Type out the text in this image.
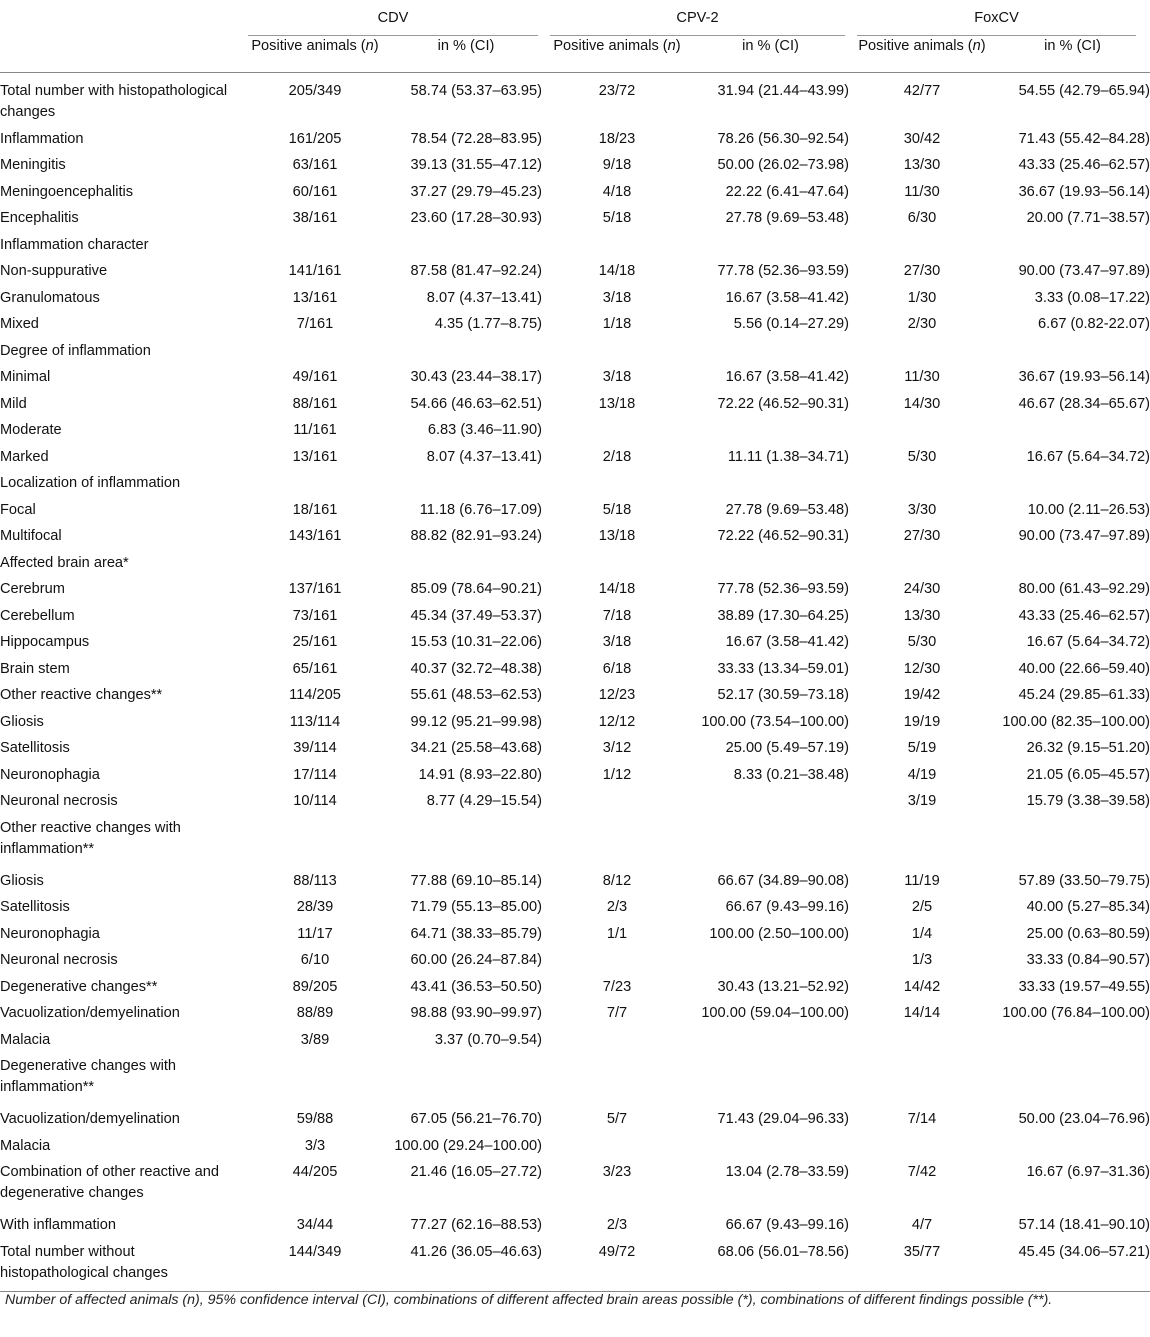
	CDV		CPV-2		FoxCV	

	Positive animals (n)	in % (CI)	Positive animals (n)	in % (CI)	Positive animals (n)	in % (CI)
Total number with histopathological changes	205/349	58.74 (53.37–63.95)	23/72	31.94 (21.44–43.99)	42/77	54.55 (42.79–65.94)
Inflammation	161/205	78.54 (72.28–83.95)	18/23	78.26 (56.30–92.54)	30/42	71.43 (55.42–84.28)
Meningitis	63/161	39.13 (31.55–47.12)	9/18	50.00 (26.02–73.98)	13/30	43.33 (25.46–62.57)
Meningoencephalitis	60/161	37.27 (29.79–45.23)	4/18	22.22 (6.41–47.64)	11/30	36.67 (19.93–56.14)
Encephalitis	38/161	23.60 (17.28–30.93)	5/18	27.78 (9.69–53.48)	6/30	20.00 (7.71–38.57)
Inflammation character						
Non-suppurative	141/161	87.58 (81.47–92.24)	14/18	77.78 (52.36–93.59)	27/30	90.00 (73.47–97.89)
Granulomatous	13/161	8.07 (4.37–13.41)	3/18	16.67 (3.58–41.42)	1/30	3.33 (0.08–17.22)
Mixed	7/161	4.35 (1.77–8.75)	1/18	5.56 (0.14–27.29)	2/30	6.67 (0.82-22.07)
Degree of inflammation						
Minimal	49/161	30.43 (23.44–38.17)	3/18	16.67 (3.58–41.42)	11/30	36.67 (19.93–56.14)
Mild	88/161	54.66 (46.63–62.51)	13/18	72.22 (46.52–90.31)	14/30	46.67 (28.34–65.67)
Moderate	11/161	6.83 (3.46–11.90)				
Marked	13/161	8.07 (4.37–13.41)	2/18	11.11 (1.38–34.71)	5/30	16.67 (5.64–34.72)
Localization of inflammation						
Focal	18/161	11.18 (6.76–17.09)	5/18	27.78 (9.69–53.48)	3/30	10.00 (2.11–26.53)
Multifocal	143/161	88.82 (82.91–93.24)	13/18	72.22 (46.52–90.31)	27/30	90.00 (73.47–97.89)
Affected brain area*						
Cerebrum	137/161	85.09 (78.64–90.21)	14/18	77.78 (52.36–93.59)	24/30	80.00 (61.43–92.29)
Cerebellum	73/161	45.34 (37.49–53.37)	7/18	38.89 (17.30–64.25)	13/30	43.33 (25.46–62.57)
Hippocampus	25/161	15.53 (10.31–22.06)	3/18	16.67 (3.58–41.42)	5/30	16.67 (5.64–34.72)
Brain stem	65/161	40.37 (32.72–48.38)	6/18	33.33 (13.34–59.01)	12/30	40.00 (22.66–59.40)
Other reactive changes**	114/205	55.61 (48.53–62.53)	12/23	52.17 (30.59–73.18)	19/42	45.24 (29.85–61.33)
Gliosis	113/114	99.12 (95.21–99.98)	12/12	100.00 (73.54–100.00)	19/19	100.00 (82.35–100.00)
Satellitosis	39/114	34.21 (25.58–43.68)	3/12	25.00 (5.49–57.19)	5/19	26.32 (9.15–51.20)
Neuronophagia	17/114	14.91 (8.93–22.80)	1/12	8.33 (0.21–38.48)	4/19	21.05 (6.05–45.57)
Neuronal necrosis	10/114	8.77 (4.29–15.54)			3/19	15.79 (3.38–39.58)
Other reactive changes with inflammation**						
Gliosis	88/113	77.88 (69.10–85.14)	8/12	66.67 (34.89–90.08)	11/19	57.89 (33.50–79.75)
Satellitosis	28/39	71.79 (55.13–85.00)	2/3	66.67 (9.43–99.16)	2/5	40.00 (5.27–85.34)
Neuronophagia	11/17	64.71 (38.33–85.79)	1/1	100.00 (2.50–100.00)	1/4	25.00 (0.63–80.59)
Neuronal necrosis	6/10	60.00 (26.24–87.84)			1/3	33.33 (0.84–90.57)
Degenerative changes**	89/205	43.41 (36.53–50.50)	7/23	30.43 (13.21–52.92)	14/42	33.33 (19.57–49.55)
Vacuolization/demyelination	88/89	98.88 (93.90–99.97)	7/7	100.00 (59.04–100.00)	14/14	100.00 (76.84–100.00)
Malacia	3/89	3.37 (0.70–9.54)				
Degenerative changes with inflammation**						
Vacuolization/demyelination	59/88	67.05 (56.21–76.70)	5/7	71.43 (29.04–96.33)	7/14	50.00 (23.04–76.96)
Malacia	3/3	100.00 (29.24–100.00)				
Combination of other reactive and degenerative changes	44/205	21.46 (16.05–27.72)	3/23	13.04 (2.78–33.59)	7/42	16.67 (6.97–31.36)
With inflammation	34/44	77.27 (62.16–88.53)	2/3	66.67 (9.43–99.16)	4/7	57.14 (18.41–90.10)
Total number without histopathological changes	144/349	41.26 (36.05–46.63)	49/72	68.06 (56.01–78.56)	35/77	45.45 (34.06–57.21)
Number of affected animals (n), 95% confidence interval (CI), combinations of different affected brain areas possible (*), combinations of different findings possible (**).
